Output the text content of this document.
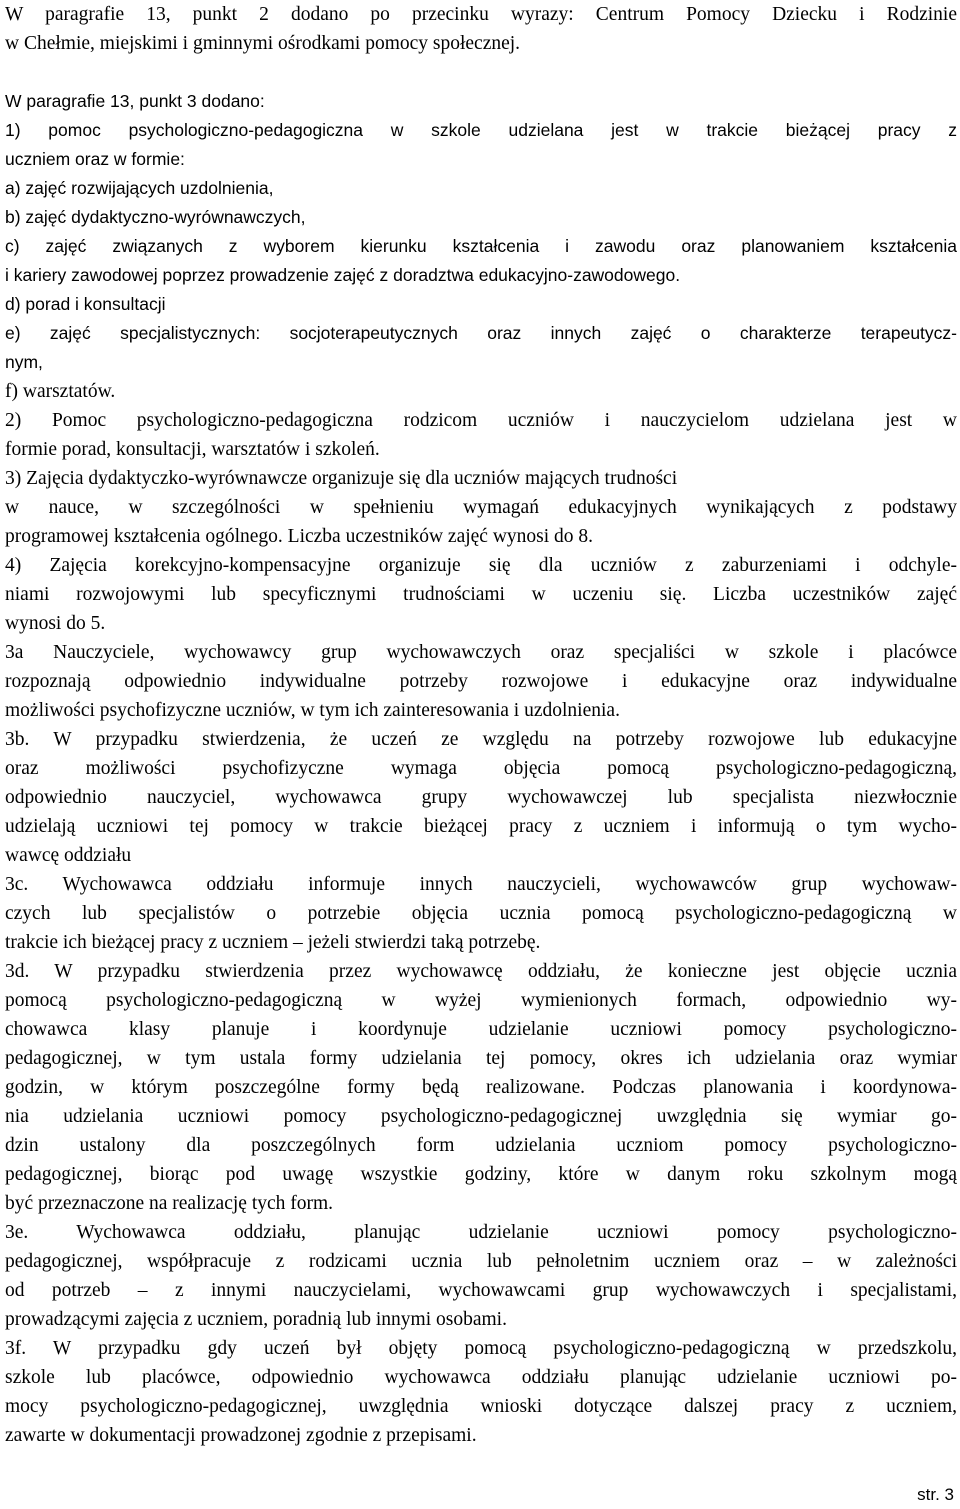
W paragrafie 13, punkt 2 dodano po przecinku wyrazy: Centrum Pomocy Dziecku i Rodzinie
w Chełmie, miejskimi i gminnymi ośrodkami pomocy społecznej.
W paragrafie 13, punkt 3 dodano:
1) pomoc psychologiczno-pedagogiczna w szkole udzielana jest w trakcie bieżącej pracy z
uczniem oraz w formie:
a) zajęć rozwijających uzdolnienia,
b) zajęć dydaktyczno-wyrównawczych,
c) zajęć związanych z wyborem kierunku kształcenia i zawodu oraz planowaniem kształcenia
i kariery zawodowej poprzez prowadzenie zajęć z doradztwa edukacyjno-zawodowego.
d) porad i konsultacji
e) zajęć specjalistycznych: socjoterapeutycznych oraz innych zajęć o charakterze terapeutycz-
nym,
f) warsztatów.
2) Pomoc psychologiczno-pedagogiczna rodzicom uczniów i nauczycielom udzielana jest w
formie porad, konsultacji, warsztatów i szkoleń.
3) Zajęcia dydaktyczko-wyrównawcze organizuje się dla uczniów mających trudności
w nauce, w szczególności w spełnieniu wymagań edukacyjnych wynikających z podstawy
programowej kształcenia ogólnego. Liczba uczestników zajęć wynosi do 8.
4) Zajęcia korekcyjno-kompensacyjne organizuje się dla uczniów z zaburzeniami i odchyle-
niami rozwojowymi lub specyficznymi trudnościami w uczeniu się. Liczba uczestników zajęć
wynosi do 5.
3a Nauczyciele, wychowawcy grup wychowawczych oraz specjaliści w szkole i placówce
rozpoznają odpowiednio indywidualne potrzeby rozwojowe i edukacyjne oraz indywidualne
możliwości psychofizyczne uczniów, w tym ich zainteresowania i uzdolnienia.
3b. W przypadku stwierdzenia, że uczeń ze względu na potrzeby rozwojowe lub edukacyjne
oraz możliwości psychofizyczne wymaga objęcia pomocą psychologiczno-pedagogiczną,
odpowiednio nauczyciel, wychowawca grupy wychowawczej lub specjalista niezwłocznie
udzielają uczniowi tej pomocy w trakcie bieżącej pracy z uczniem i informują o tym wycho-
wawcę oddziału
3c. Wychowawca oddziału informuje innych nauczycieli, wychowawców grup wychowaw-
czych lub specjalistów o potrzebie objęcia ucznia pomocą psychologiczno-pedagogiczną w
trakcie ich bieżącej pracy z uczniem – jeżeli stwierdzi taką potrzebę.
3d. W przypadku stwierdzenia przez wychowawcę oddziału, że konieczne jest objęcie ucznia
pomocą psychologiczno-pedagogiczną w wyżej wymienionych formach, odpowiednio wy-
chowawca klasy planuje i koordynuje udzielanie uczniowi pomocy psychologiczno-
pedagogicznej, w tym ustala formy udzielania tej pomocy, okres ich udzielania oraz wymiar
godzin, w którym poszczególne formy będą realizowane. Podczas planowania i koordynowa-
nia udzielania uczniowi pomocy psychologiczno-pedagogicznej uwzględnia się wymiar go-
dzin ustalony dla poszczególnych form udzielania uczniom pomocy psychologiczno-
pedagogicznej, biorąc pod uwagę wszystkie godziny, które w danym roku szkolnym mogą
być przeznaczone na realizację tych form.
3e. Wychowawca oddziału, planując udzielanie uczniowi pomocy psychologiczno-
pedagogicznej, współpracuje z rodzicami ucznia lub pełnoletnim uczniem oraz – w zależności
od potrzeb – z innymi nauczycielami, wychowawcami grup wychowawczych i specjalistami,
prowadzącymi zajęcia z uczniem, poradnią lub innymi osobami.
3f. W przypadku gdy uczeń był objęty pomocą psychologiczno-pedagogiczną w przedszkolu,
szkole lub placówce, odpowiednio wychowawca oddziału planując udzielanie uczniowi po-
mocy psychologiczno-pedagogicznej, uwzględnia wnioski dotyczące dalszej pracy z uczniem,
zawarte w dokumentacji prowadzonej zgodnie z przepisami.
str. 3
